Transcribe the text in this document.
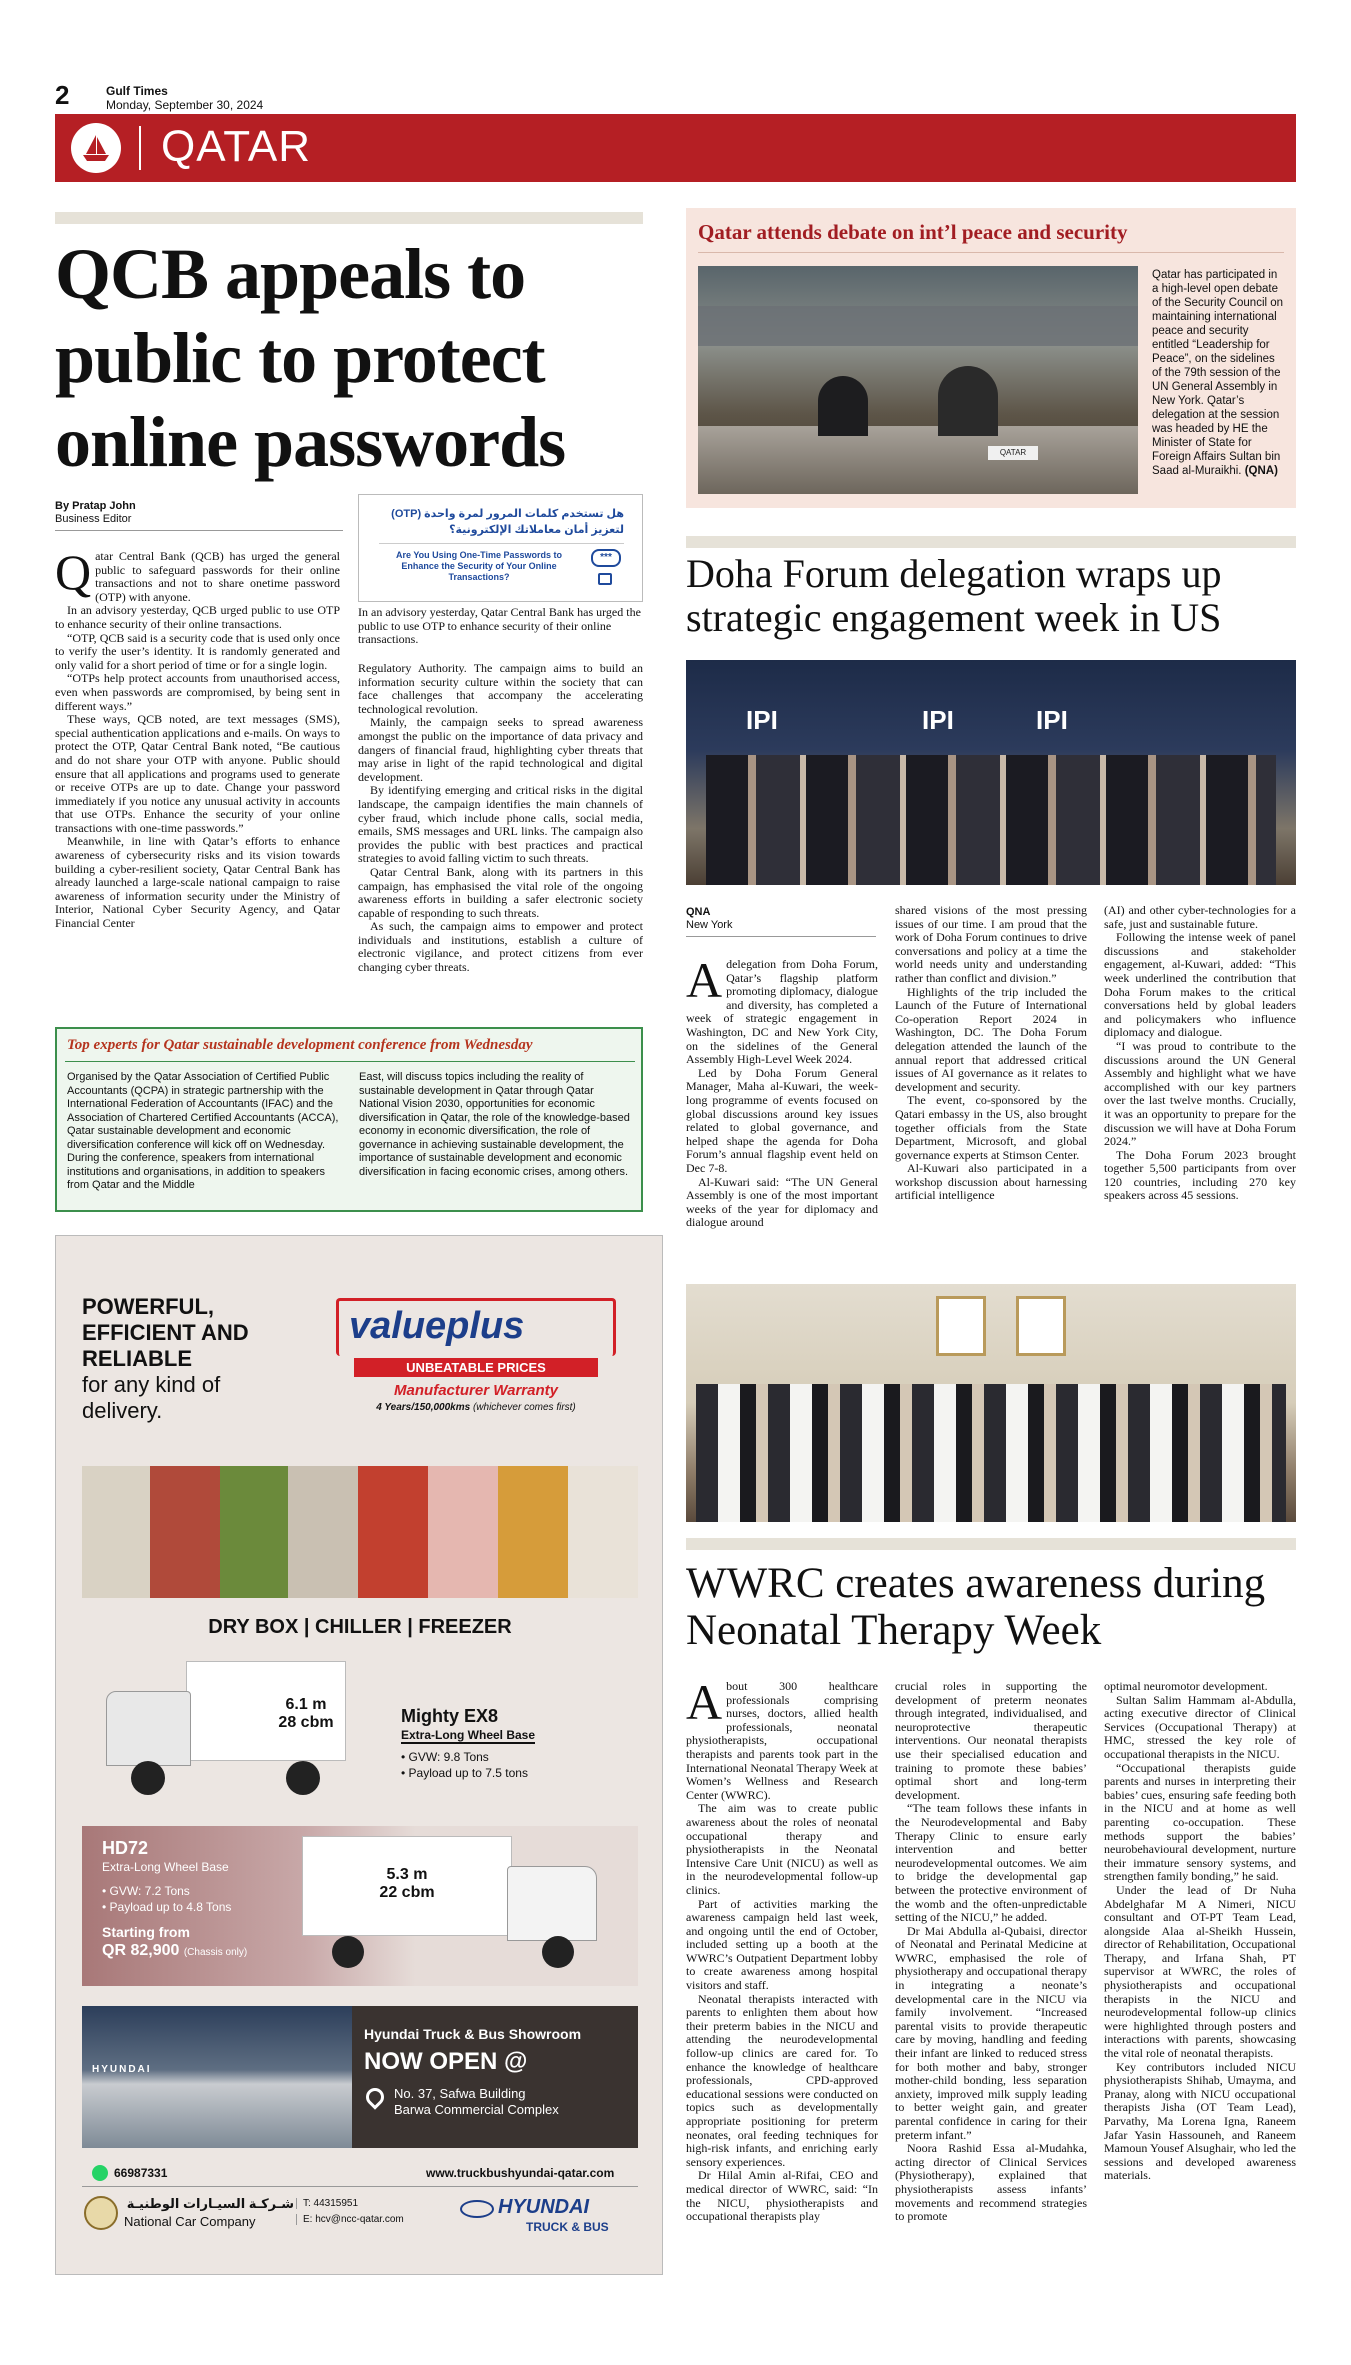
2	Gulf Times
Monday, September 30, 2024
QATAR
QCB appeals to public to protect online passwords
By Pratap John
Business Editor	هل تستخدم كلمات المرور لمرة واحدة (OTP)
لتعزيز أمان معاملاتك الإلكترونية؟
Are You Using One-Time Passwords to Enhance the Security of Your Online Transactions?
***

In an advisory yesterday, Qatar Central Bank has urged the public to use OTP to enhance security of their online transactions.

Qatar Central Bank (QCB) has urged the general public to safeguard passwords for their online transactions and not to share onetime password (OTP) with anyone.

In an advisory yesterday, QCB urged public to use OTP to enhance security of their online transactions.

“OTP, QCB said is a security code that is used only once to verify the user’s identity. It is randomly generated and only valid for a short period of time or for a single login.

“OTPs help protect accounts from unauthorised access, even when passwords are compromised, by being sent in different ways.”

These ways, QCB noted, are text messages (SMS), special authentication applications and e-mails. On ways to protect the OTP, Qatar Central Bank noted, “Be cautious and do not share your OTP with anyone. Public should ensure that all applications and programs used to generate or receive OTPs are up to date. Change your password immediately if you notice any unusual activity in accounts that use OTPs. Enhance the security of your online transactions with one-time passwords.”

Meanwhile, in line with Qatar’s efforts to enhance awareness of cybersecurity risks and its vision towards building a cyber-resilient society, Qatar Central Bank has already launched a large-scale national campaign to raise awareness of information security under the Ministry of Interior, National Cyber Security Agency, and Qatar Financial Center

Regulatory Authority. The campaign aims to build an information security culture within the society that can face challenges that accompany the accelerating technological revolution.

Mainly, the campaign seeks to spread awareness amongst the public on the importance of data privacy and dangers of financial fraud, highlighting cyber threats that may arise in light of the rapid technological and digital development.

By identifying emerging and critical risks in the digital landscape, the campaign identifies the main channels of cyber fraud, which include phone calls, social media, emails, SMS messages and URL links. The campaign also provides the public with best practices and practical strategies to avoid falling victim to such threats.

Qatar Central Bank, along with its partners in this campaign, has emphasised the vital role of the ongoing awareness efforts in building a safer electronic society capable of responding to such threats.

As such, the campaign aims to empower and protect individuals and institutions, establish a culture of electronic vigilance, and protect citizens from ever changing cyber threats.

Top experts for Qatar sustainable development conference from Wednesday
Organised by the Qatar Association of Certified Public Accountants (QCPA) in strategic partnership with the International Federation of Accountants (IFAC) and the Association of Chartered Certified Accountants (ACCA), Qatar sustainable development and economic diversification conference will kick off on Wednesday. During the conference, speakers from international institutions and organisations, in addition to speakers from Qatar and the Middle
East, will discuss topics including the reality of sustainable development in Qatar through Qatar National Vision 2030, opportunities for economic diversification in Qatar, the role of the knowledge-based economy in economic diversification, the role of governance in achieving sustainable development, the importance of sustainable development and economic diversification in facing economic crises, among others.
Qatar attends debate on int’l peace and security
QATAR
Qatar has participated in a high-level open debate of the Security Council on maintaining international peace and security entitled “Leadership for Peace”, on the sidelines of the 79th session of the UN General Assembly in New York. Qatar’s delegation at the session was headed by HE the Minister of State for Foreign Affairs Sultan bin Saad al-Muraikhi. (QNA)
Doha Forum delegation wraps up strategic engagement week in US
IPI	IPI	IPI
QNA
New York

A delegation from Doha Forum, Qatar’s flagship platform promoting diplomacy, dialogue and diversity, has completed a week of strategic engagement in Washington, DC and New York City, on the sidelines of the General Assembly High-Level Week 2024.

Led by Doha Forum General Manager, Maha al-Kuwari, the week-long programme of events focused on global discussions around key issues related to global governance, and helped shape the agenda for Doha Forum’s annual flagship event held on Dec 7-8.

Al-Kuwari said: “The UN General Assembly is one of the most important weeks of the year for diplomacy and dialogue around

shared visions of the most pressing issues of our time. I am proud that the work of Doha Forum continues to drive conversations and policy at a time the world needs unity and understanding rather than conflict and division.”

Highlights of the trip included the Launch of the Future of International Co-operation Report 2024 in Washington, DC. The Doha Forum delegation attended the launch of the annual report that addressed critical issues of AI governance as it relates to development and security.

The event, co-sponsored by the Qatari embassy in the US, also brought together officials from the State Department, Microsoft, and global governance experts at Stimson Center.

Al-Kuwari also participated in a workshop discussion about harnessing artificial intelligence

(AI) and other cyber-technologies for a safe, just and sustainable future.

Following the intense week of panel discussions and stakeholder engagement, al-Kuwari, added: “This week underlined the contribution that Doha Forum makes to the critical conversations held by global leaders and policymakers who influence diplomacy and dialogue.

“I was proud to contribute to the discussions around the UN General Assembly and highlight what we have accomplished with our key partners over the last twelve months. Crucially, it was an opportunity to prepare for the discussion we will have at Doha Forum 2024.”

The Doha Forum 2023 brought together 5,500 participants from over 120 countries, including 270 key speakers across 45 sessions.

WWRC creates awareness during Neonatal Therapy Week

About 300 healthcare professionals comprising nurses, doctors, allied health professionals, neonatal physiotherapists, occupational therapists and parents took part in the International Neonatal Therapy Week at Women’s Wellness and Research Center (WWRC).

The aim was to create public awareness about the roles of neonatal occupational therapy and physiotherapists in the Neonatal Intensive Care Unit (NICU) as well as in the neurodevelopmental follow-up clinics.

Part of activities marking the awareness campaign held last week, and ongoing until the end of October, included setting up a booth at the WWRC’s Outpatient Department lobby to create awareness among hospital visitors and staff.

Neonatal therapists interacted with parents to enlighten them about how their preterm babies in the NICU and attending the neurodevelopmental follow-up clinics are cared for. To enhance the knowledge of healthcare professionals, CPD-approved educational sessions were conducted on topics such as developmentally appropriate positioning for preterm neonates, oral feeding techniques for high-risk infants, and enriching early sensory experiences.

Dr Hilal Amin al-Rifai, CEO and medical director of WWRC, said: “In the NICU, physiotherapists and occupational therapists play

crucial roles in supporting the development of preterm neonates through integrated, individualised, and neuroprotective therapeutic interventions. Our neonatal therapists use their specialised education and training to promote these babies’ optimal short and long-term development.

“The team follows these infants in the Neurodevelopmental and Baby Therapy Clinic to ensure early intervention and better neurodevelopmental outcomes. We aim to bridge the developmental gap between the protective environment of the womb and the often-unpredictable setting of the NICU,” he added.

Dr Mai Abdulla al-Qubaisi, director of Neonatal and Perinatal Medicine at WWRC, emphasised the role of physiotherapy and occupational therapy in integrating a neonate’s developmental care in the NICU via family involvement. “Increased parental visits to provide therapeutic care by moving, handling and feeding their infant are linked to reduced stress for both mother and baby, stronger mother-child bonding, less separation anxiety, improved milk supply leading to better weight gain, and greater parental confidence in caring for their preterm infant.”

Noora Rashid Essa al-Mudahka, acting director of Clinical Services (Physiotherapy), explained that physiotherapists assess infants’ movements and recommend strategies to promote

optimal neuromotor development.

Sultan Salim Hammam al-Abdulla, acting executive director of Clinical Services (Occupational Therapy) at HMC, stressed the key role of occupational therapists in the NICU.

“Occupational therapists guide parents and nurses in interpreting their babies’ cues, ensuring safe feeding both in the NICU and at home as well parenting co-occupation. These methods support the babies’ neurobehavioural development, nurture their immature sensory systems, and strengthen family bonding,” he said.

Under the lead of Dr Nuha Abdelghafar M A Nimeri, NICU consultant and OT-PT Team Lead, alongside Alaa al-Sheikh Hussein, director of Rehabilitation, Occupational Therapy, and Irfana Shah, PT supervisor at WWRC, the roles of physiotherapists and occupational therapists in the NICU and neurodevelopmental follow-up clinics were highlighted through posters and interactions with parents, showcasing the vital role of neonatal therapists.

Key contributors included NICU physiotherapists Shihab, Umayma, and Pranay, along with NICU occupational therapists Jisha (OT Team Lead), Parvathy, Ma Lorena Igna, Raneem Jafar Yasin Hassouneh, and Raneem Mamoun Yousef Alsughair, who led the sessions and developed awareness materials.

POWERFUL,
EFFICIENT AND
RELIABLE
for any kind of
delivery.
valueplus
UNBEATABLE PRICES
Manufacturer Warranty
4 Years/150,000kms (whichever comes first)
DRY BOX | CHILLER | FREEZER
6.1 m
28 cbm	Mighty EX8
Extra-Long Wheel Base
• GVW: 9.8 Tons
• Payload up to 7.5 tons
HD72
Extra-Long Wheel Base
• GVW: 7.2 Tons
• Payload up to 4.8 Tons
Starting from
QR 82,900 (Chassis only)
5.3 m
22 cbm
HYUNDAI
Hyundai Truck & Bus Showroom
NOW OPEN @
No. 37, Safwa Building
Barwa Commercial Complex
66987331	www.truckbushyundai-qatar.com
شـركـة السيـارات الوطنيـة
National Car Company
T: 44315951
E: hcv@ncc-qatar.com
HYUNDAI
TRUCK & BUS
